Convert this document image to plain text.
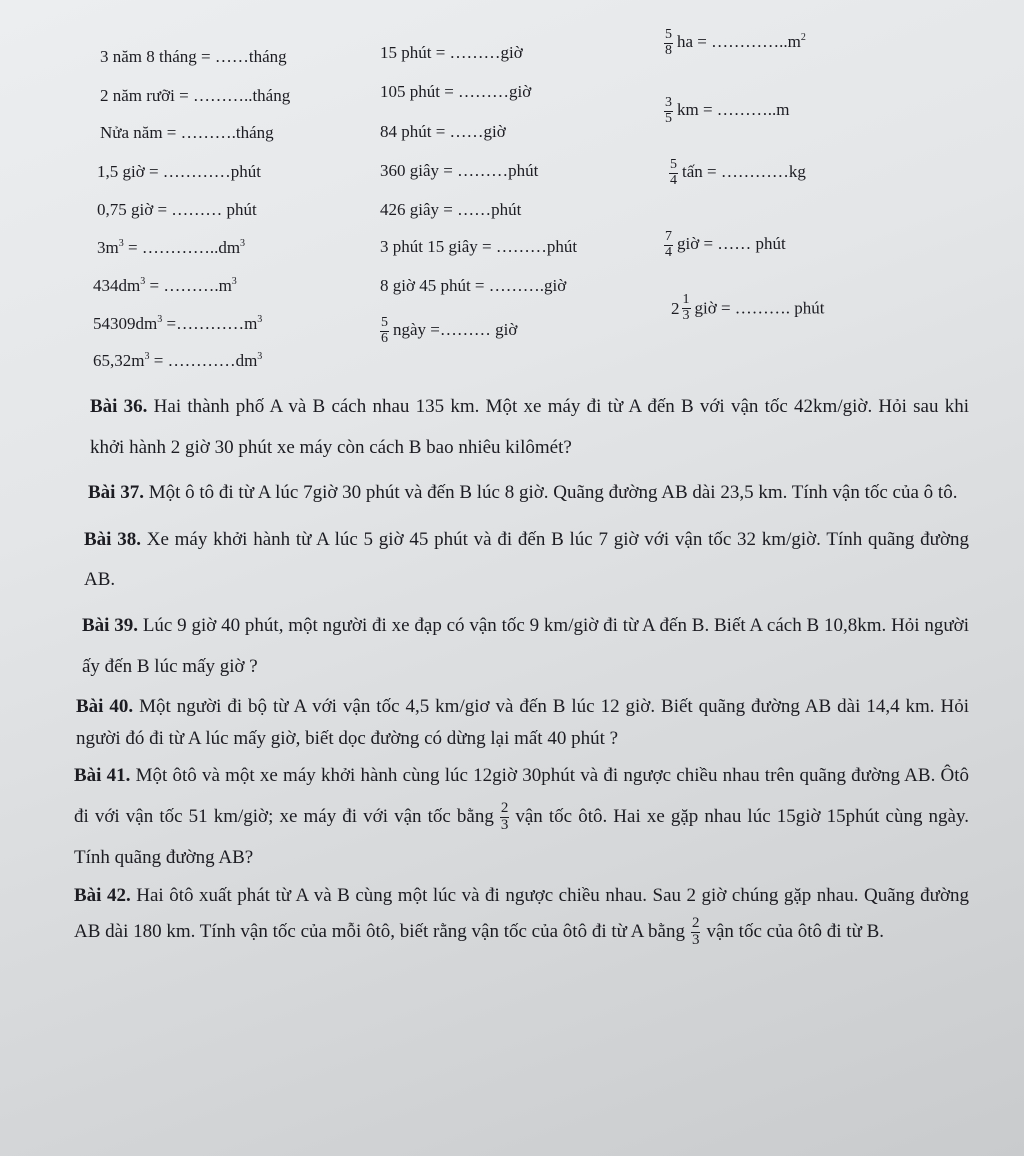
3 năm 8 tháng = ……tháng
2 năm rưỡi = ………..tháng
Nửa năm = ……….tháng
1,5 giờ = …………phút
0,75 giờ = ……… phút
$3m^3$ = $\dots\dots\dots\dots..dm^3$
$434dm^3$ = $\dots\dots\dots.m^3$
$54309dm^3$ $=\dots\dots\dots\dots m^3$
$65,32m^3$ = $\dots\dots\dots\dots dm^3$
15 phút = ………giờ
105 phút = ………giờ
84 phút = ……giờ
360 giây = ………phút
426 giây = ……phút
3 phút 15 giây = ………phút
8 giờ 45 phút = ……….giờ
$\frac{5}{6}$ ngày =……… giờ
$\frac{5}{8}$ ha = $\dots\dots\dots\dots..m^2$
$\frac{3}{5}$ km = ………..m
$\frac{5}{4}$ tấn = …………kg
$\frac{7}{4}$ giờ = …… phút
$2 \frac{1}{3}$ giờ = ………. phút

Bài 36. Hai thành phố A và B cách nhau 135 km. Một xe máy đi từ A đến B với vận tốc 42km/giờ. Hỏi sau khi khởi hành 2 giờ 30 phút xe máy còn cách B bao nhiêu kilômét?

Bài 37. Một ô tô đi từ A lúc 7giờ 30 phút và đến B lúc 8 giờ. Quãng đường AB dài 23,5 km. Tính vận tốc của ô tô.

Bài 38. Xe máy khởi hành từ A lúc 5 giờ 45 phút và đi đến B lúc 7 giờ với vận tốc 32 km/giờ. Tính quãng đường AB.

Bài 39. Lúc 9 giờ 40 phút, một người đi xe đạp có vận tốc 9 km/giờ đi từ A đến B. Biết A cách B 10,8km. Hỏi người ấy đến B lúc mấy giờ ?

Bài 40. Một người đi bộ từ A với vận tốc 4,5 km/giơ và đến B lúc 12 giờ. Biết quãng đường AB dài 14,4 km. Hỏi người đó đi từ A lúc mấy giờ, biết dọc đường có dừng lại mất 40 phút ?

Bài 41. Một ôtô và một xe máy khởi hành cùng lúc 12giờ 30phút và đi ngược chiều nhau trên quãng đường AB. Ôtô đi với vận tốc 51 km/giờ; xe máy đi với vận tốc bằng $\frac{2}{3}$ vận tốc ôtô. Hai xe gặp nhau lúc 15giờ 15phút cùng ngày. Tính quãng đường AB?

Bài 42. Hai ôtô xuất phát từ A và B cùng một lúc và đi ngược chiều nhau. Sau 2 giờ chúng gặp nhau. Quãng đường AB dài 180 km. Tính vận tốc của mỗi ôtô, biết rằng vận tốc của ôtô đi từ A bằng $\frac{2}{3}$ vận tốc của ôtô đi từ B.
